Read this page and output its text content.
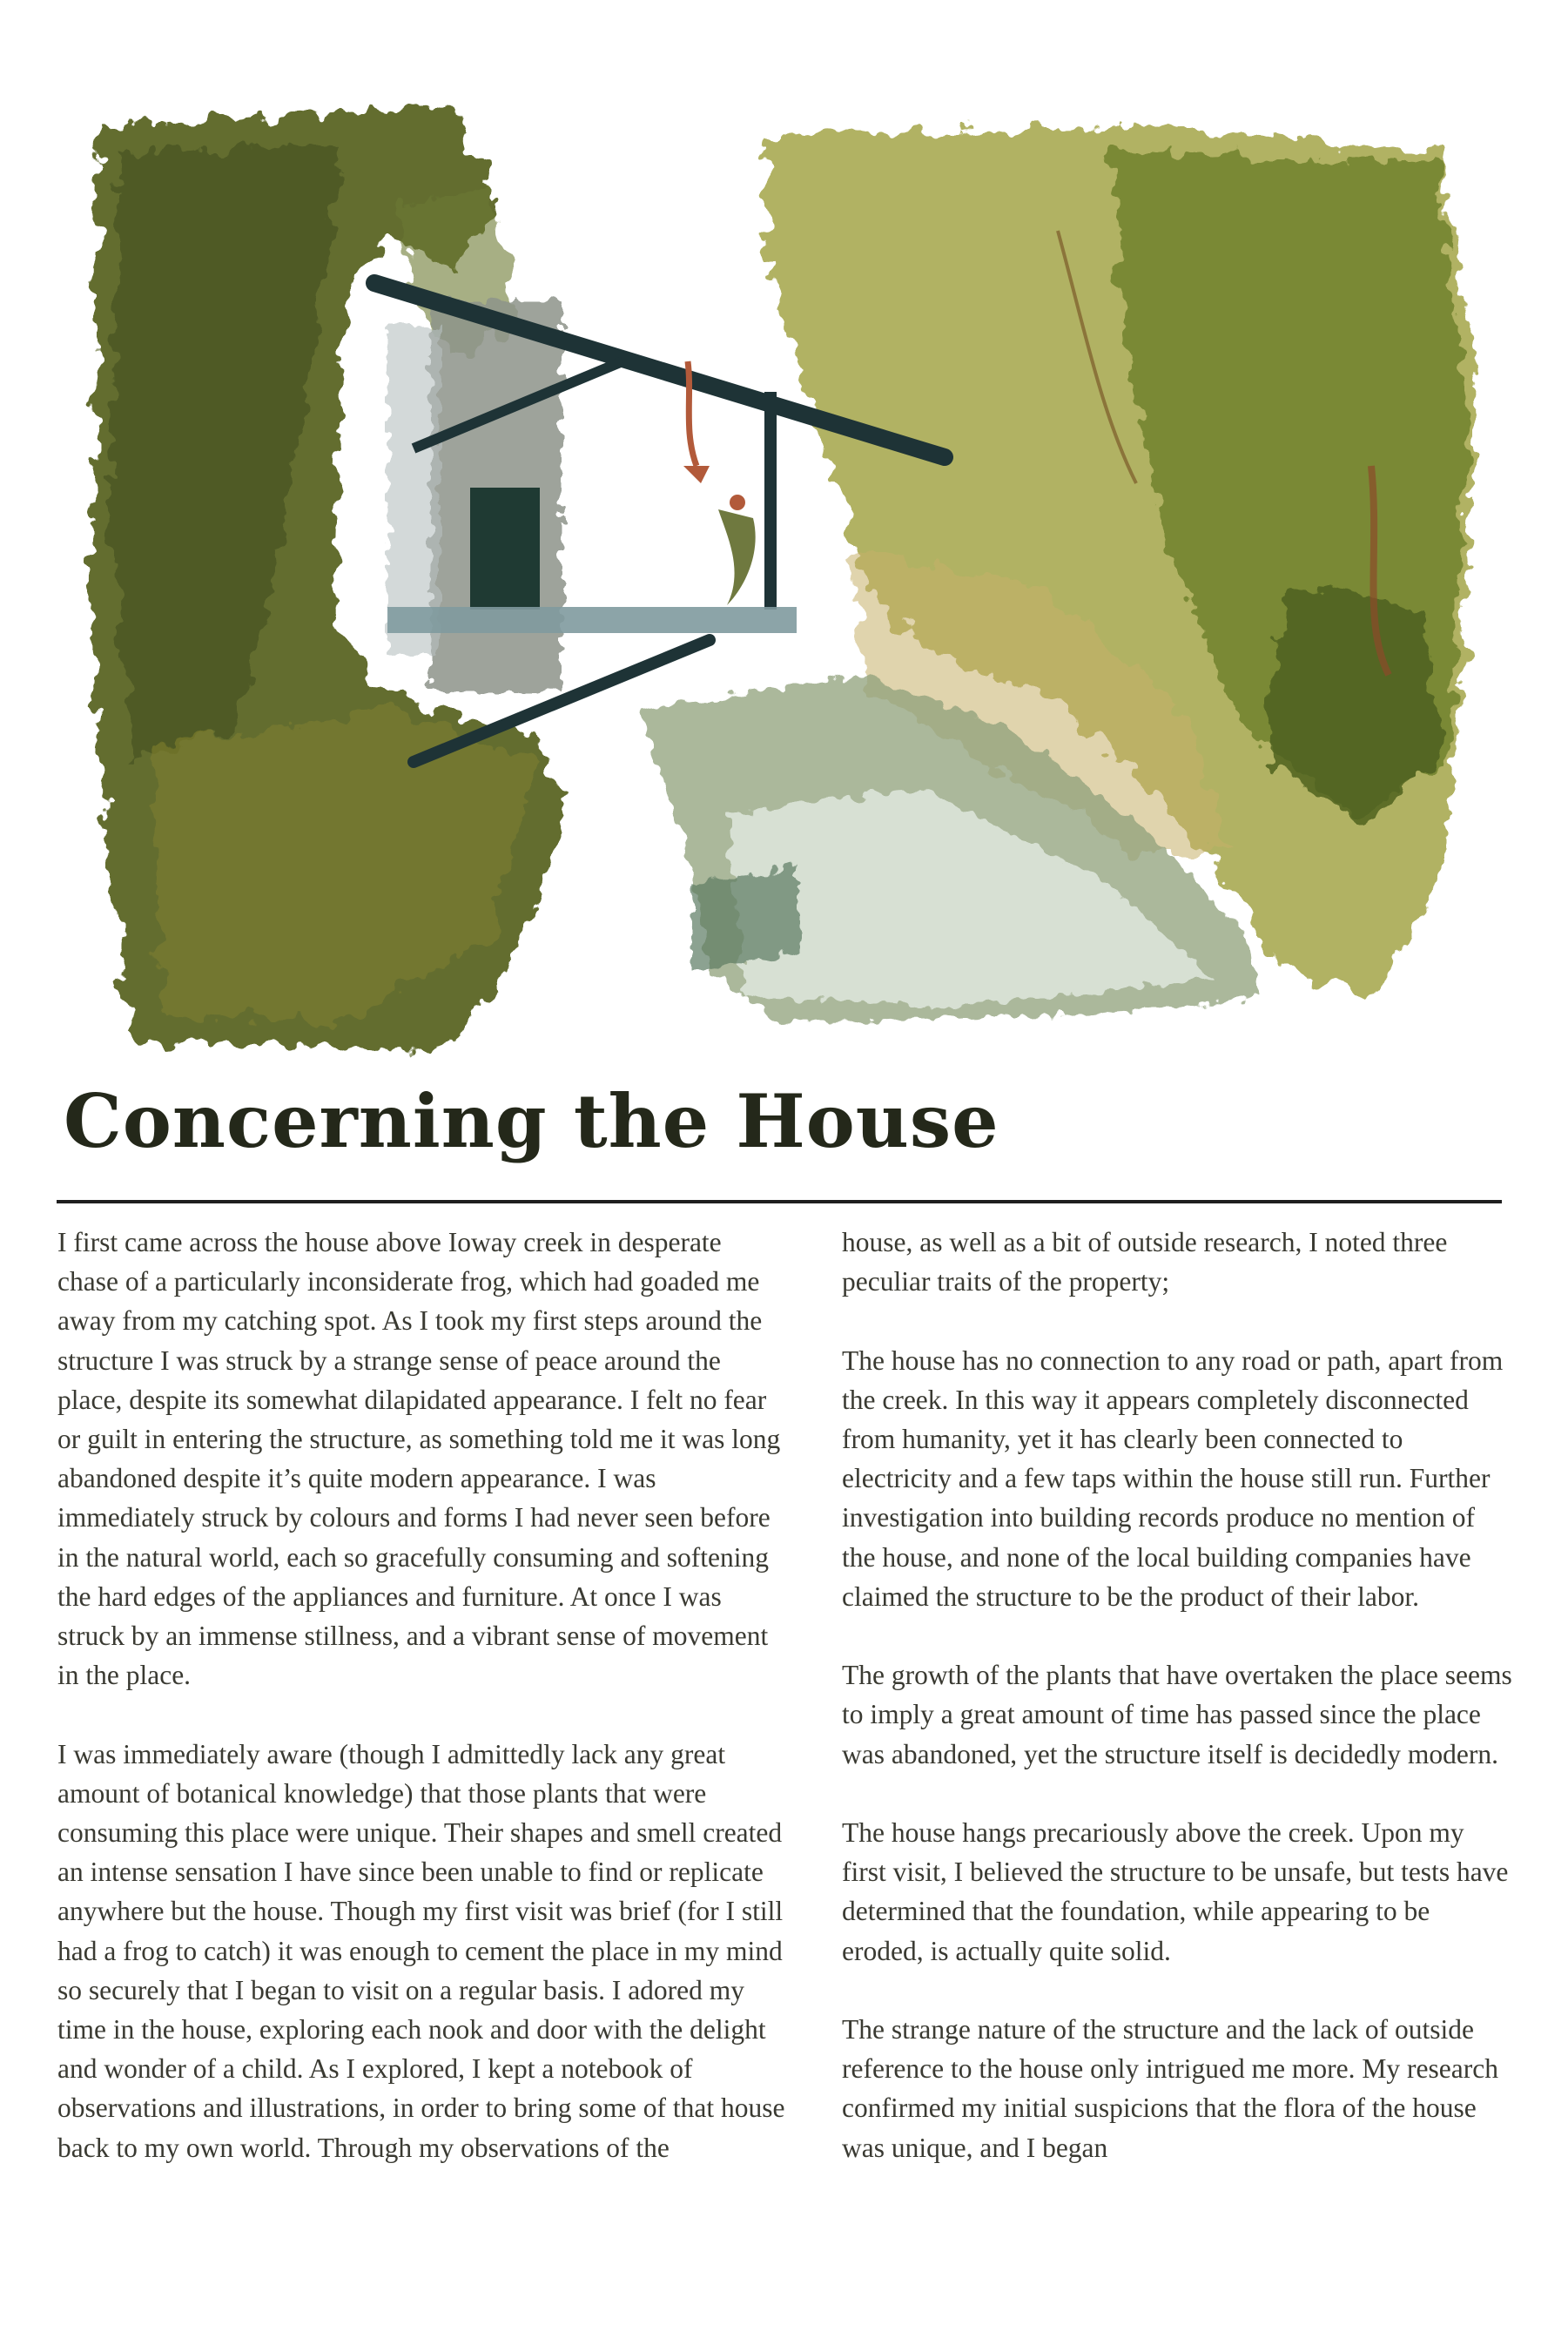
Concerning the House

I first came across the house above Ioway creek in desperate chase of a particularly inconsiderate frog, which had goaded me away from my catching spot. As I took my first steps around the structure I was struck by a strange sense of peace around the place, despite its somewhat dilapidated appearance. I felt no fear or guilt in entering the structure, as something told me it was long abandoned despite it’s quite modern appearance. I was immediately struck by colours and forms I had never seen before in the natural world, each so gracefully consuming and softening the hard edges of the appliances and furniture. At once I was struck by an immense stillness, and a vibrant sense of movement in the place.

I was immediately aware (though I admittedly lack any great amount of botanical knowledge) that those plants that were consuming this place were unique. Their shapes and smell created an intense sensation I have since been unable to find or replicate anywhere but the house. Though my first visit was brief (for I still had a frog to catch) it was enough to cement the place in my mind so securely that I began to visit on a regular basis. I adored my time in the house, exploring each nook and door with the delight and wonder of a child. As I explored, I kept a notebook of observations and illustrations, in order to bring some of that house back to my own world. Through my observations of the

house, as well as a bit of outside research, I noted three peculiar traits of the property;

The house has no connection to any road or path, apart from the creek. In this way it appears completely disconnected from humanity, yet it has clearly been connected to electricity and a few taps within the house still run. Further investigation into building records produce no mention of the house, and none of the local building companies have claimed the structure to be the product of their labor.

The growth of the plants that have overtaken the place seems to imply a great amount of time has passed since the place was abandoned, yet the structure itself is decidedly modern.

The house hangs precariously above the creek. Upon my first visit, I believed the structure to be unsafe, but tests have determined that the foundation, while appearing to be eroded, is actually quite solid.

The strange nature of the structure and the lack of outside reference to the house only intrigued me more. My research confirmed my initial suspicions that the flora of the house was unique, and I began
